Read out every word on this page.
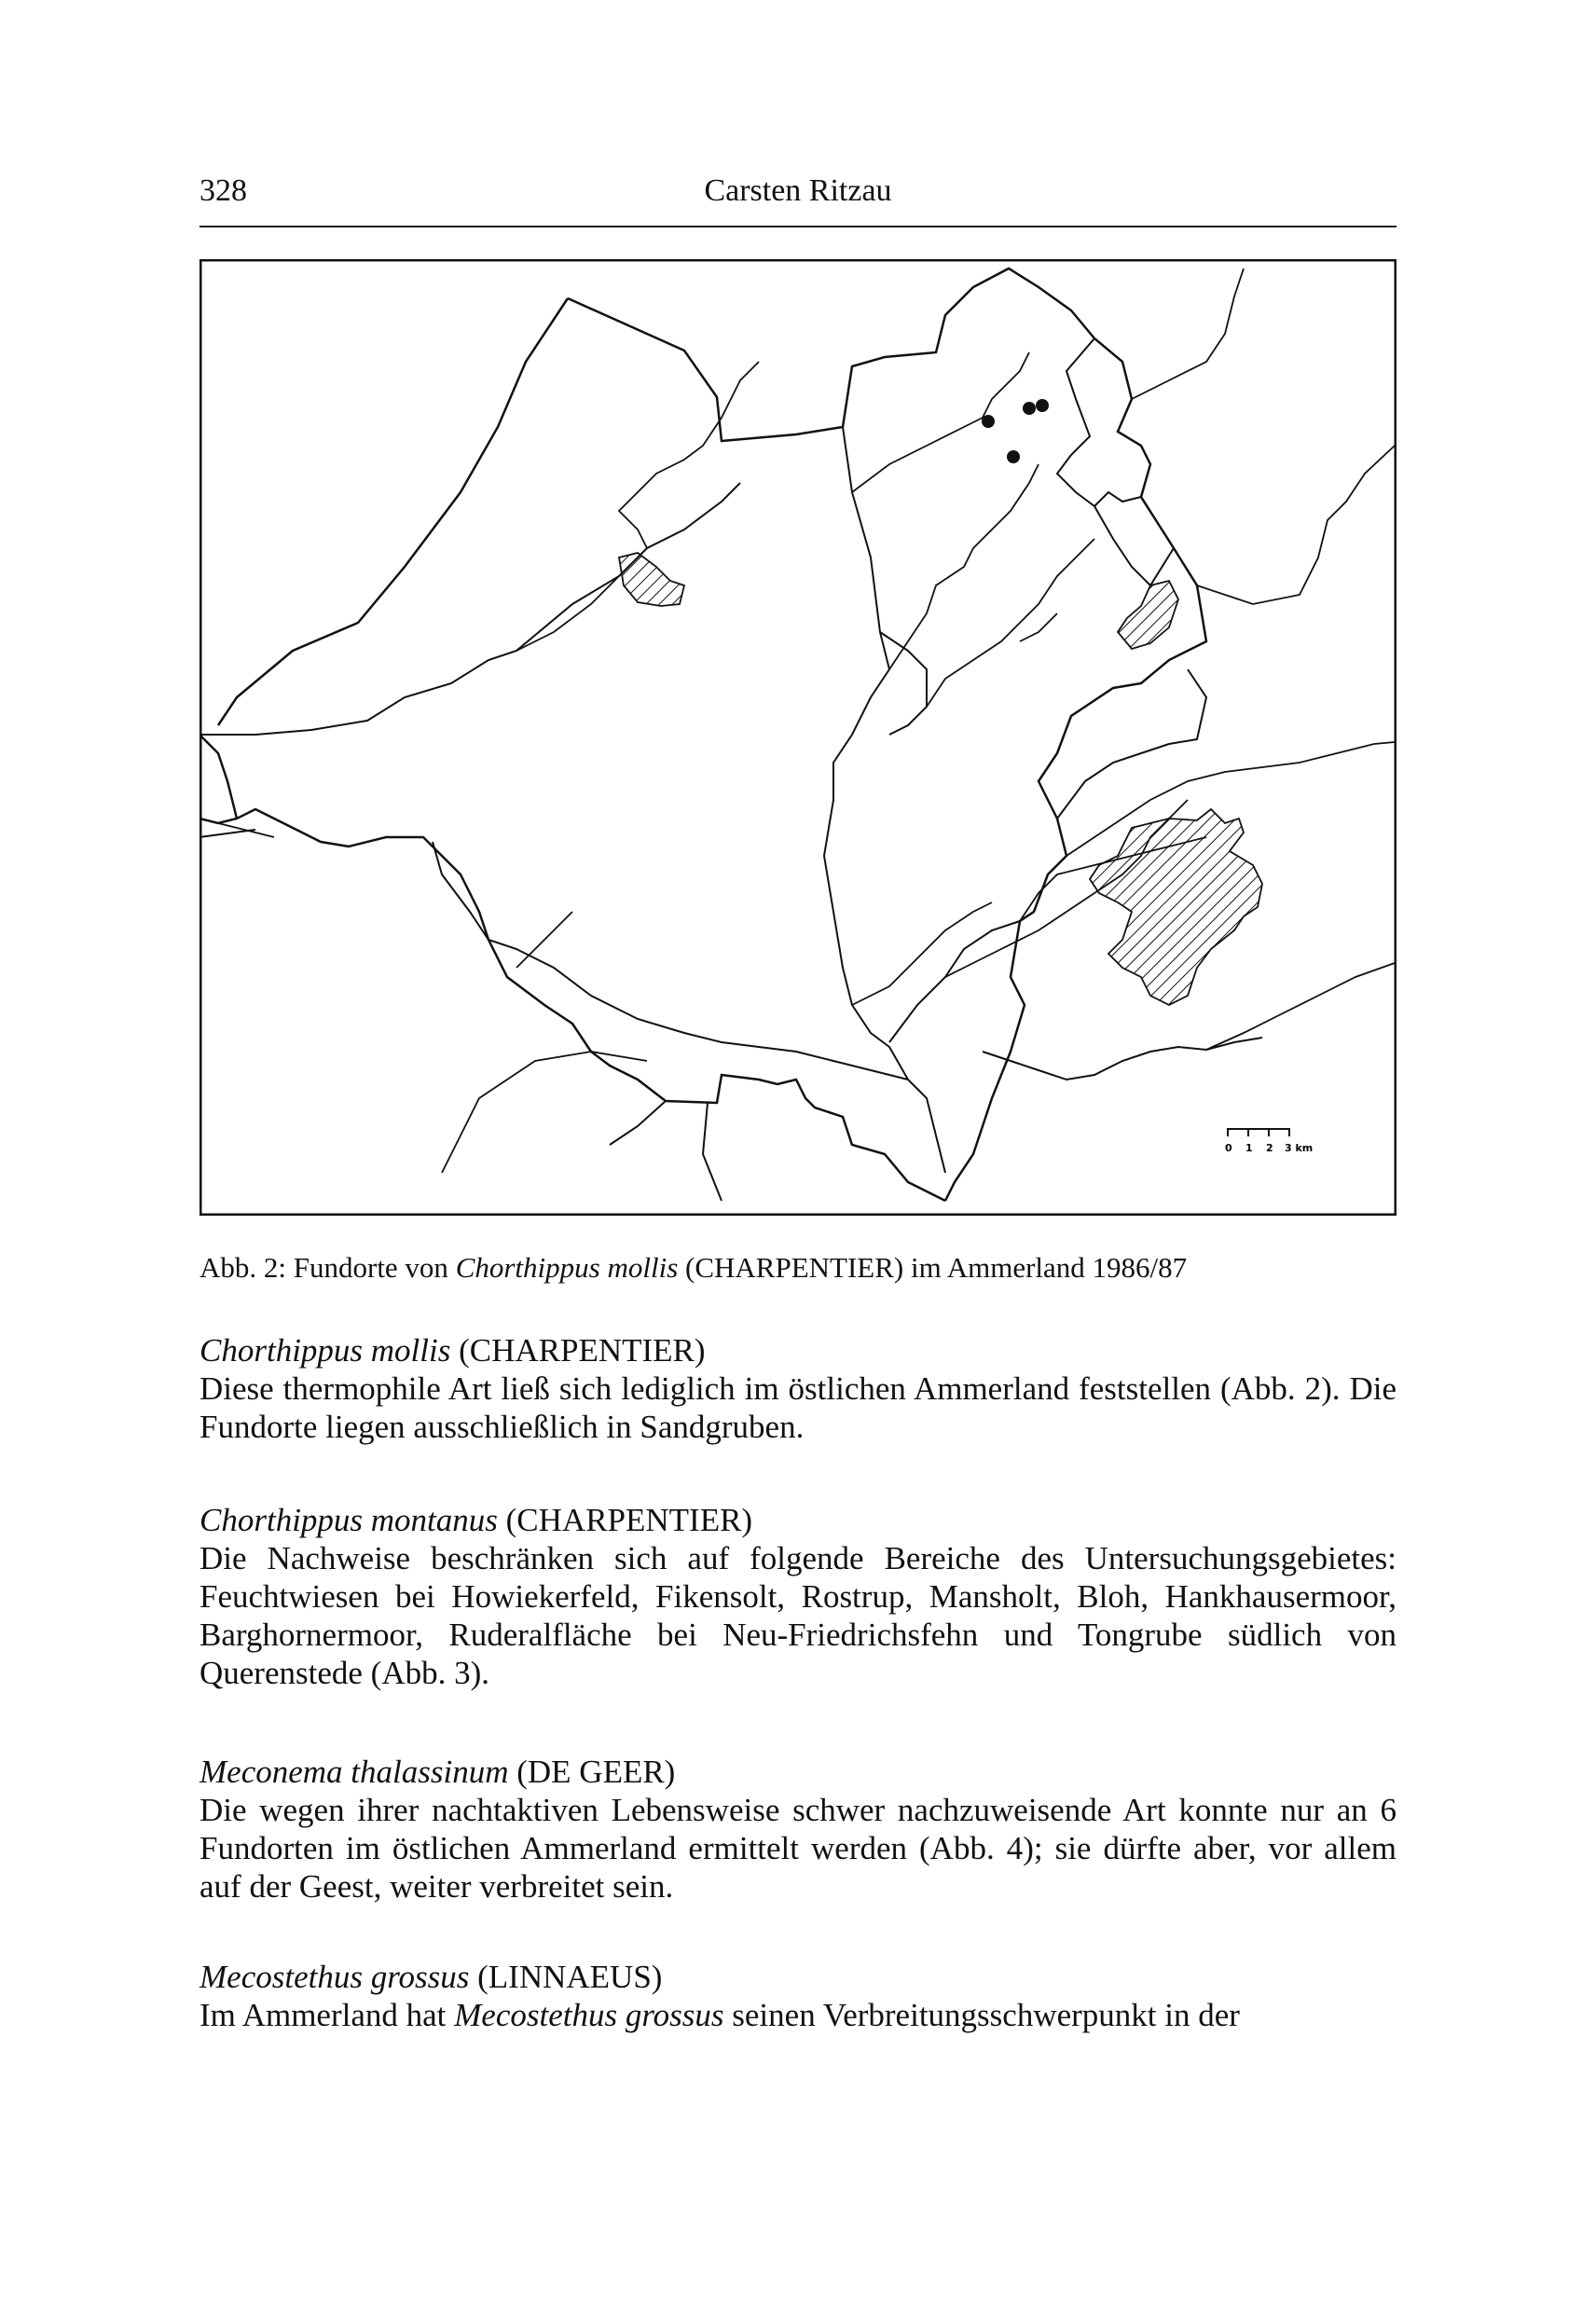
328	Carsten Ritzau
0 1 2 3 km
Abb. 2: Fundorte von Chorthippus mollis (CHARPENTIER) im Ammerland 1986/87

Chorthippus mollis (CHARPENTIER)

Diese thermophile Art ließ sich lediglich im östlichen Ammerland feststellen (Abb. 2). Die Fundorte liegen ausschließlich in Sandgruben.

Chorthippus montanus (CHARPENTIER)

Die Nachweise beschränken sich auf folgende Bereiche des Untersuchungsgebietes: Feuchtwiesen bei Howiekerfeld, Fikensolt, Rostrup, Mansholt, Bloh, Hankhausermoor, Barghornermoor, Ruderalfläche bei Neu-Friedrichsfehn und Tongrube südlich von Querenstede (Abb. 3).

Meconema thalassinum (DE GEER)

Die wegen ihrer nachtaktiven Lebensweise schwer nachzuweisende Art konnte nur an 6 Fundorten im östlichen Ammerland ermittelt werden (Abb. 4); sie dürfte aber, vor allem auf der Geest, weiter verbreitet sein.

Mecostethus grossus (LINNAEUS)

Im Ammerland hat Mecostethus grossus seinen Verbreitungsschwerpunkt in der
